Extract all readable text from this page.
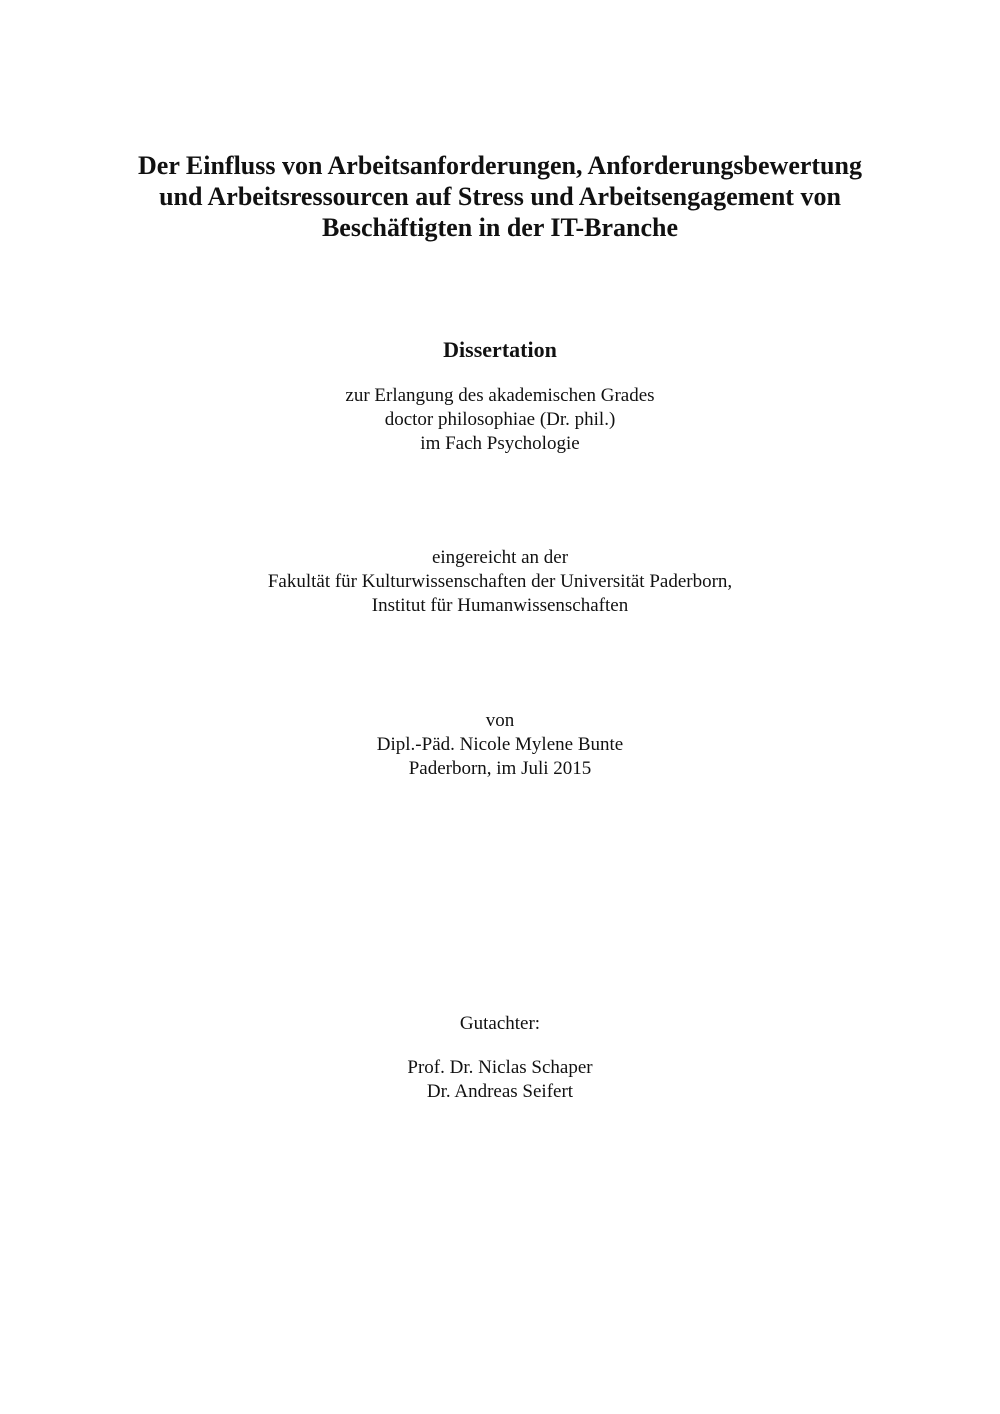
Der Einfluss von Arbeitsanforderungen, Anforderungsbewertung
und Arbeitsressourcen auf Stress und Arbeitsengagement von
Beschäftigten in der IT-Branche
Dissertation
zur Erlangung des akademischen Grades
doctor philosophiae (Dr. phil.)
im Fach Psychologie
eingereicht an der
Fakultät für Kulturwissenschaften der Universität Paderborn,
Institut für Humanwissenschaften
von
Dipl.-Päd. Nicole Mylene Bunte
Paderborn, im Juli 2015
Gutachter:
Prof. Dr. Niclas Schaper
Dr. Andreas Seifert
